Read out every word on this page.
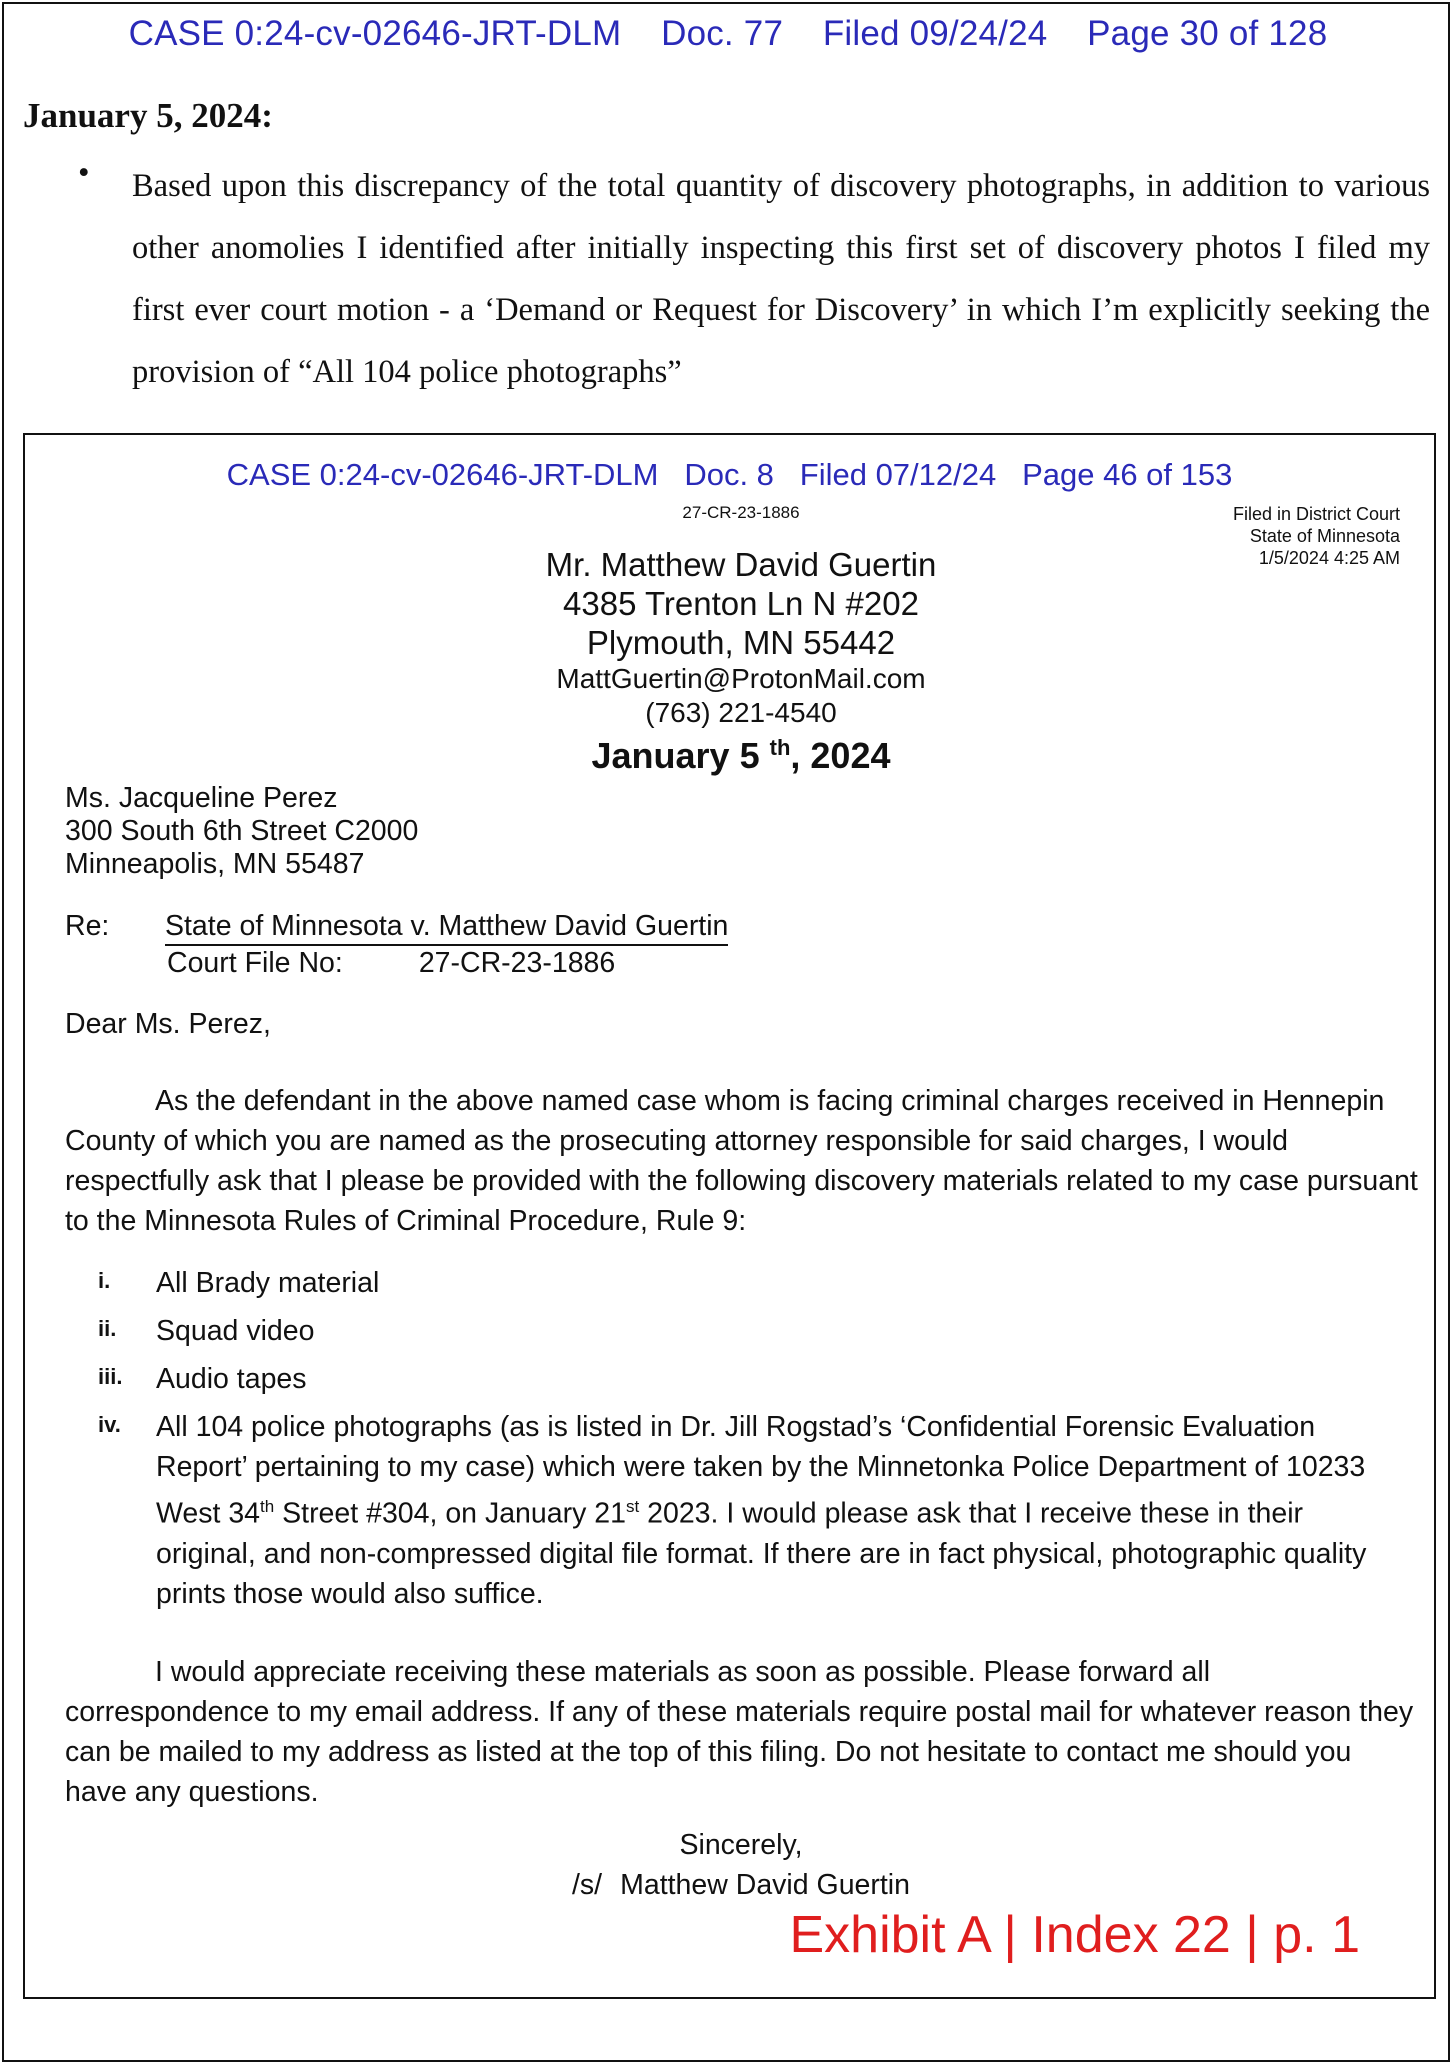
CASE 0:24-cv-02646-JRT-DLM    Doc. 77    Filed 09/24/24    Page 30 of 128
January 5, 2024:
• Based upon this discrepancy of the total quantity of discovery photographs, in addition to various other anomolies I identified after initially inspecting this first set of discovery photos I filed my first ever court motion - a ‘Demand or Request for Discovery’ in which I’m explicitly seeking the provision of “All 104 police photographs”
CASE 0:24-cv-02646-JRT-DLM   Doc. 8   Filed 07/12/24   Page 46 of 153
27-CR-23-1886	Filed in District Court
State of Minnesota
1/5/2024 4:25 AM
Mr. Matthew David Guertin
4385 Trenton Ln N #202
Plymouth, MN 55442
MattGuertin@ProtonMail.com
(763) 221-4540
January 5 $^{th}$, 2024
Ms. Jacqueline Perez
300 South 6th Street C2000
Minneapolis, MN 55487
Re: State of Minnesota v. Matthew David Guertin
Court File No:	27-CR-23-1886
Dear Ms. Perez,
As the defendant in the above named case whom is facing criminal charges received in Hennepin County of which you are named as the prosecuting attorney responsible for said charges, I would respectfully ask that I please be provided with the following discovery materials related to my case pursuant to the Minnesota Rules of Criminal Procedure, Rule 9:
i. All Brady material
ii. Squad video
iii. Audio tapes
iv. All 104 police photographs (as is listed in Dr. Jill Rogstad’s ‘Confidential Forensic Evaluation Report’ pertaining to my case) which were taken by the Minnetonka Police Department of 10233 West 34th Street #304, on January 21st 2023. I would please ask that I receive these in their original, and non-compressed digital file format. If there are in fact physical, photographic quality prints those would also suffice.
I would appreciate receiving these materials as soon as possible. Please forward all correspondence to my email address. If any of these materials require postal mail for whatever reason they can be mailed to my address as listed at the top of this filing. Do not hesitate to contact me should you have any questions.
Sincerely,
/s/ Matthew David Guertin
Exhibit A | Index 22 | p. 1
